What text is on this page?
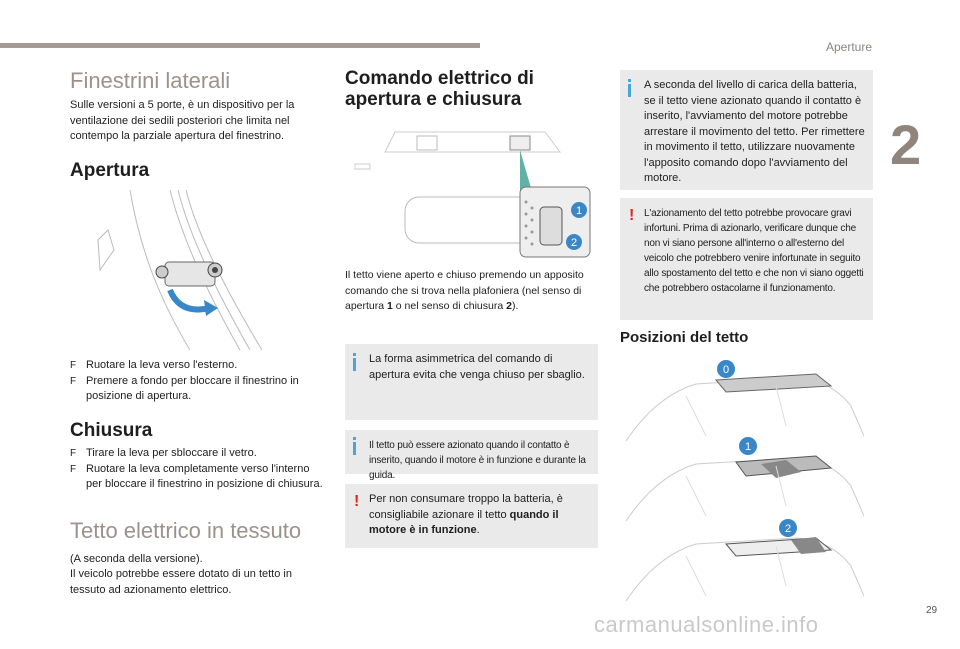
Aperture
2
29
carmanualsonline.info
Finestrini laterali

Sulle versioni a 5 porte, è un dispositivo per la ventilazione dei sedili posteriori che limita nel contempo la parziale apertura del finestrino.

Apertura
F Ruotare la leva verso l'esterno.
F Premere a fondo per bloccare il finestrino in posizione di apertura.
Chiusura
F Tirare la leva per sbloccare il vetro.
F Ruotare la leva completamente verso l'interno per bloccare il finestrino in posizione di chiusura.
Tetto elettrico in tessuto

(A seconda della versione).

Il veicolo potrebbe essere dotato di un tetto in tessuto ad azionamento elettrico.

Comando elettrico di apertura e chiusura
1
2

Il tetto viene aperto e chiuso premendo un apposito comando che si trova nella plafoniera (nel senso di apertura 1 o nel senso di chiusura 2).

La forma asimmetrica del comando di apertura evita che venga chiuso per sbaglio.
Il tetto può essere azionato quando il contatto è inserito, quando il motore è in funzione e durante la guida.
! Per non consumare troppo la batteria, è consigliabile azionare il tetto quando il motore è in funzione.
A seconda del livello di carica della batteria, se il tetto viene azionato quando il contatto è inserito, l'avviamento del motore potrebbe arrestare il movimento del tetto. Per rimettere in movimento il tetto, utilizzare nuovamente l'apposito comando dopo l'avviamento del motore.
! L'azionamento del tetto potrebbe provocare gravi infortuni. Prima di azionarlo, verificare dunque che non vi siano persone all'interno o all'esterno del veicolo che potrebbero venire infortunate in seguito allo spostamento del tetto e che non vi siano oggetti che potrebbero ostacolarne il funzionamento.
Posizioni del tetto
0
1
2
